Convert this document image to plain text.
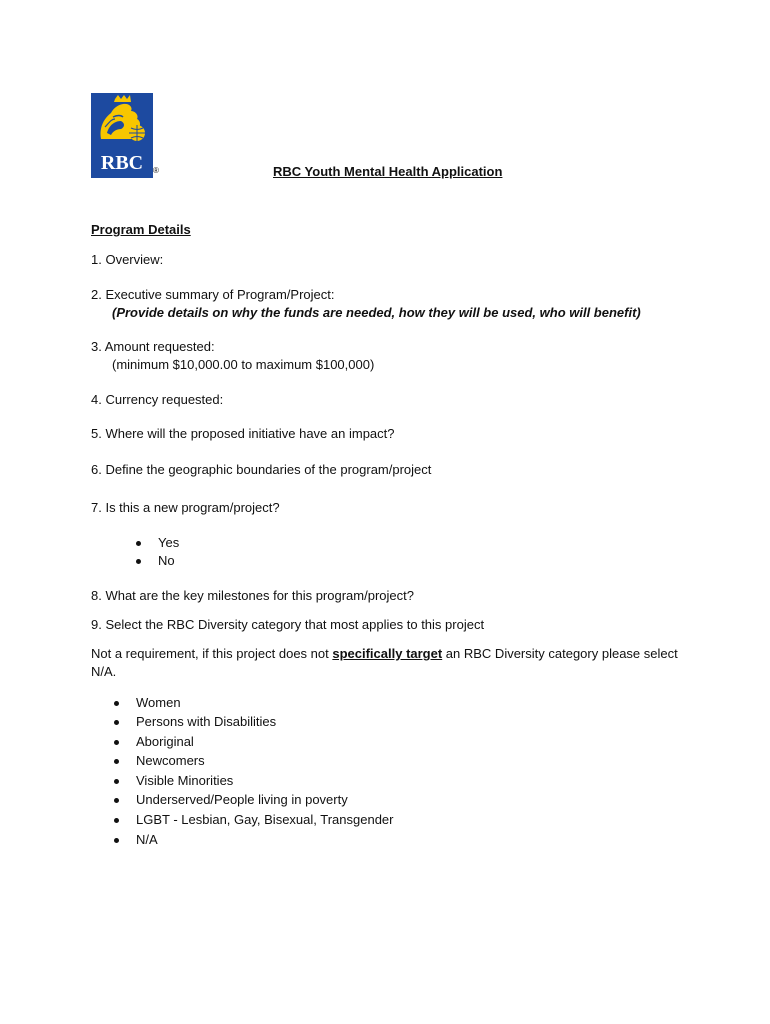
RBC ®	RBC Youth Mental Health Application
Program Details
1. Overview:
2. Executive summary of Program/Project:
(Provide details on why the funds are needed, how they will be used, who will benefit)
3. Amount requested:
(minimum $10,000.00 to maximum $100,000)
4. Currency requested:
5. Where will the proposed initiative have an impact?
6. Define the geographic boundaries of the program/project
7. Is this a new program/project?
Yes
No
8. What are the key milestones for this program/project?
9. Select the RBC Diversity category that most applies to this project
Not a requirement, if this project does not specifically target an RBC Diversity category please select
N/A.
Women
Persons with Disabilities
Aboriginal
Newcomers
Visible Minorities
Underserved/People living in poverty
LGBT - Lesbian, Gay, Bisexual, Transgender
N/A
